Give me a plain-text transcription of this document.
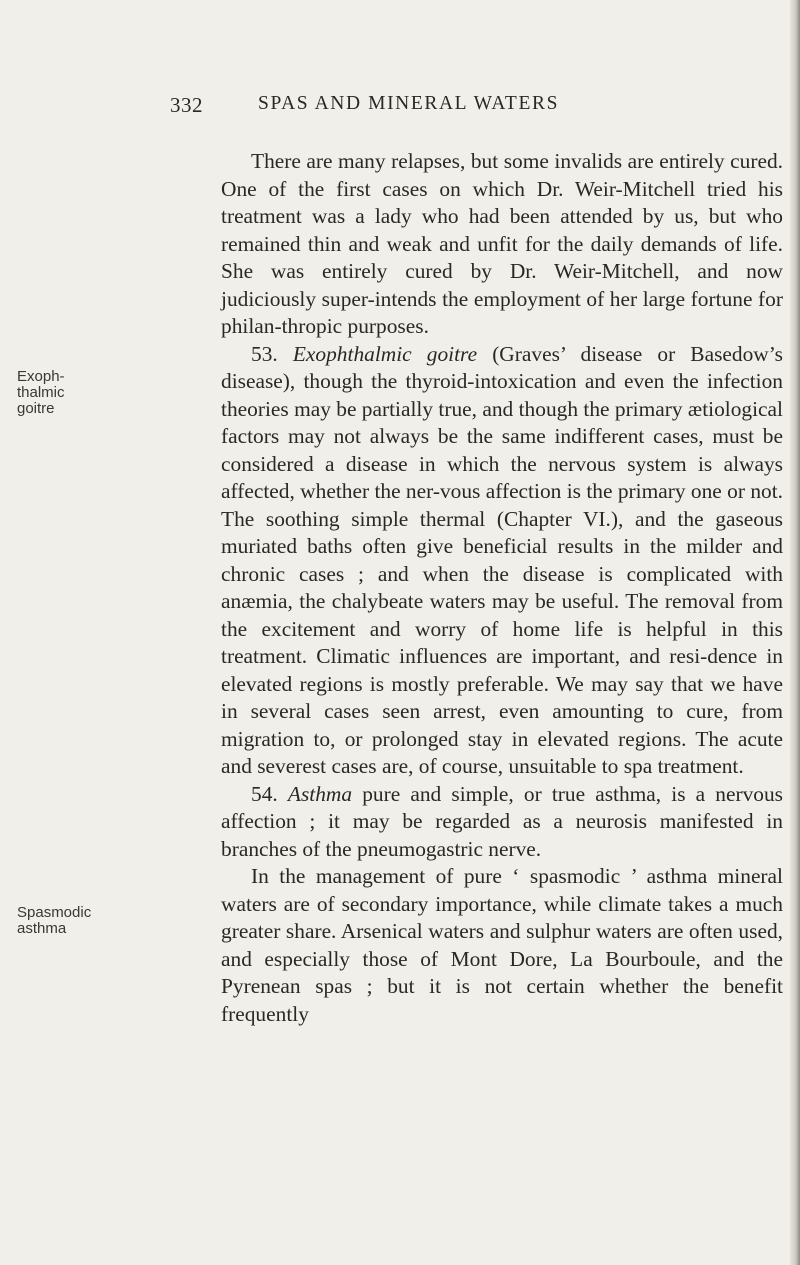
332	SPAS AND MINERAL WATERS
Exoph-
thalmic
goitre
Spasmodic
asthma

There are many relapses, but some invalids are entirely cured. One of the first cases on which Dr. Weir-Mitchell tried his treatment was a lady who had been attended by us, but who remained thin and weak and unfit for the daily demands of life. She was entirely cured by Dr. Weir-Mitchell, and now judiciously super-intends the employment of her large fortune for philan-thropic purposes.

53. Exophthalmic goitre (Graves’ disease or Basedow’s disease), though the thyroid-intoxication and even the infection theories may be partially true, and though the primary ætiological factors may not always be the same indifferent cases, must be considered a disease in which the nervous system is always affected, whether the ner-vous affection is the primary one or not. The soothing simple thermal (Chapter VI.), and the gaseous muriated baths often give beneficial results in the milder and chronic cases ; and when the disease is complicated with anæmia, the chalybeate waters may be useful. The removal from the excitement and worry of home life is helpful in this treatment. Climatic influences are important, and resi-dence in elevated regions is mostly preferable. We may say that we have in several cases seen arrest, even amounting to cure, from migration to, or prolonged stay in elevated regions. The acute and severest cases are, of course, unsuitable to spa treatment.

54. Asthma pure and simple, or true asthma, is a nervous affection ; it may be regarded as a neurosis manifested in branches of the pneumogastric nerve.

In the management of pure ‘ spasmodic ’ asthma mineral waters are of secondary importance, while climate takes a much greater share. Arsenical waters and sulphur waters are often used, and especially those of Mont Dore, La Bourboule, and the Pyrenean spas ; but it is not certain whether the benefit frequently
